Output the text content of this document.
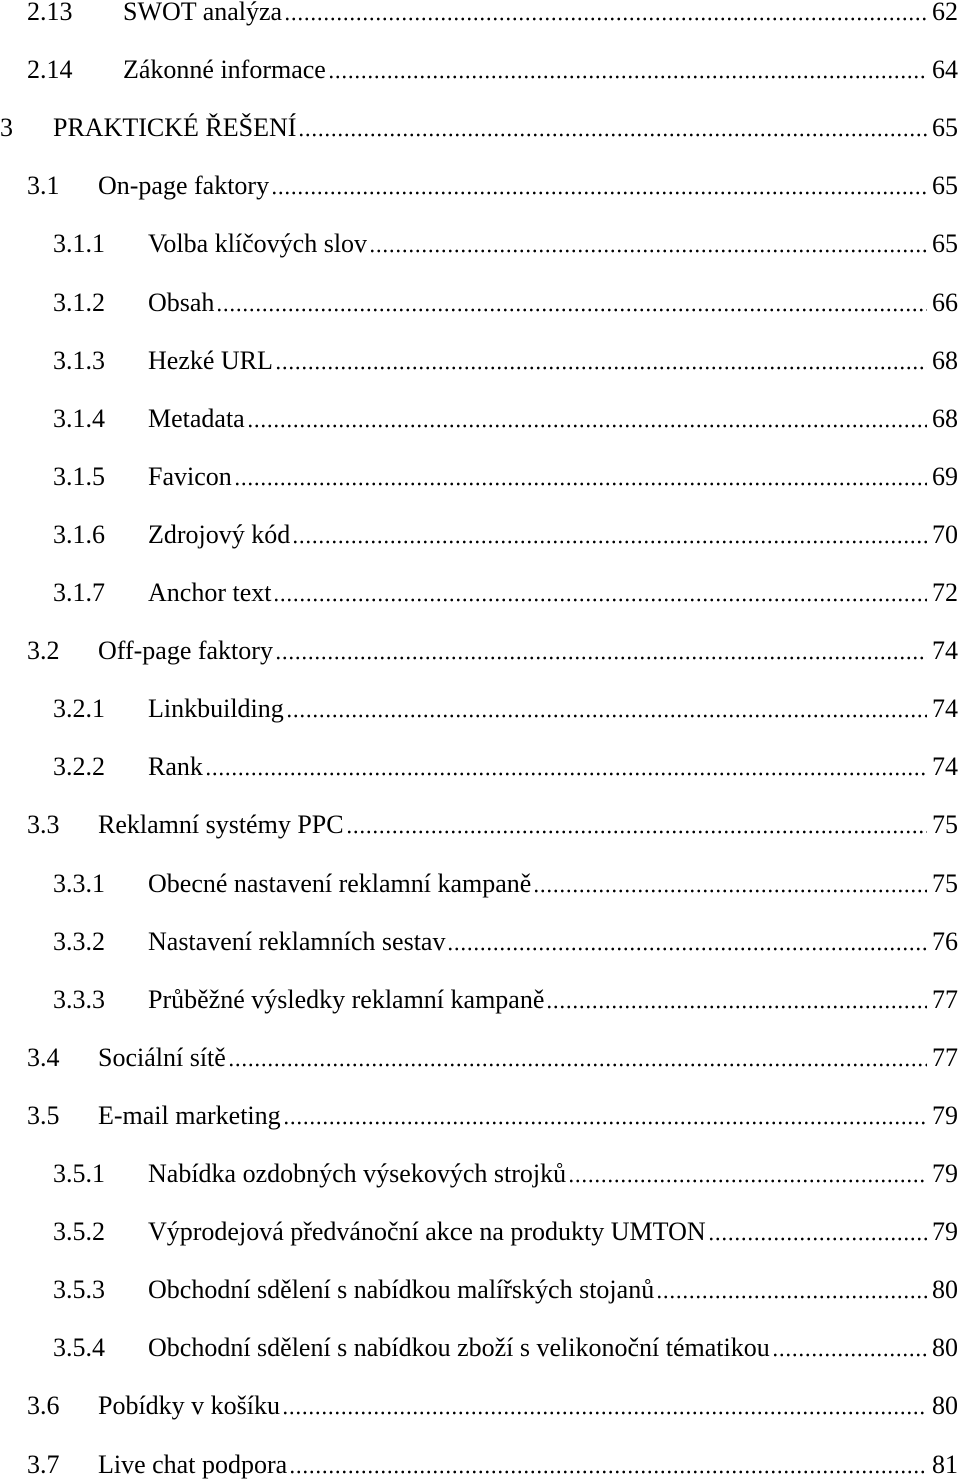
2.13 SWOT analýza	62
2.14 Zákonné informace	64
3 PRAKTICKÉ ŘEŠENÍ	65
3.1 On-page faktory	65
3.1.1 Volba klíčových slov	65
3.1.2 Obsah	66
3.1.3 Hezké URL	68
3.1.4 Metadata	68
3.1.5 Favicon	69
3.1.6 Zdrojový kód	70
3.1.7 Anchor text	72
3.2 Off-page faktory	74
3.2.1 Linkbuilding	74
3.2.2 Rank	74
3.3 Reklamní systémy PPC	75
3.3.1 Obecné nastavení reklamní kampaně	75
3.3.2 Nastavení reklamních sestav	76
3.3.3 Průběžné výsledky reklamní kampaně	77
3.4 Sociální sítě	77
3.5 E-mail marketing	79
3.5.1 Nabídka ozdobných výsekových strojků	79
3.5.2 Výprodejová předvánoční akce na produkty UMTON	79
3.5.3 Obchodní sdělení s nabídkou malířských stojanů	80
3.5.4 Obchodní sdělení s nabídkou zboží s velikonoční tématikou	80
3.6 Pobídky v košíku	80
3.7 Live chat podpora	81
